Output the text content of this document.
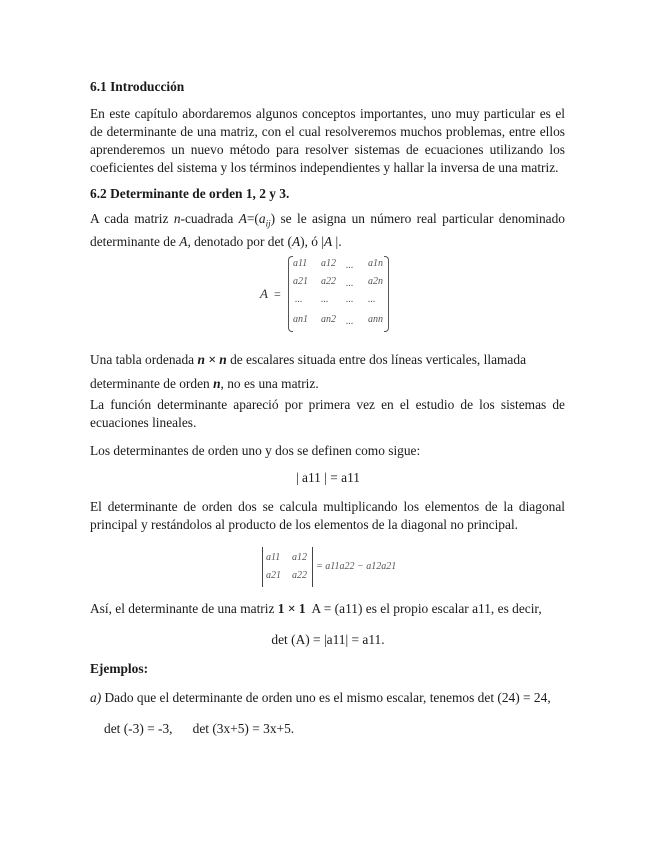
6.1 Introducción
En este capítulo abordaremos algunos conceptos importantes, uno muy particular es el de determinante de una matriz, con el cual resolveremos muchos problemas, entre ellos aprenderemos un nuevo método para resolver sistemas de ecuaciones utilizando los coeficientes del sistema y los términos independientes y hallar la inversa de una matriz.
6.2 Determinante de orden 1, 2 y 3.
A cada matriz n-cuadrada $A=(a_{ij})$ se le asigna un número real particular denominado determinante de A, denotado por det (A), ó |A |.
A =
a11 a12 ... a1n
a21 a22 ... a2n
... ... ... ...
an1 an2 ... ann
Una tabla ordenada n × n de escalares situada entre dos líneas verticales, llamada
determinante de orden n, no es una matriz.
La función determinante apareció por primera vez en el estudio de los sistemas de ecuaciones lineales.
Los determinantes de orden uno y dos se definen como sigue:
| a11 | = a11
El determinante de orden dos se calcula multiplicando los elementos de la diagonal principal y restándolos al producto de los elementos de la diagonal no principal.
a11 a12
a21 a22
= a11a22 − a12a21
Así, el determinante de una matriz 1 × 1 A = (a11) es el propio escalar a11, es decir,
det (A) = |a11| = a11.
Ejemplos:
a) Dado que el determinante de orden uno es el mismo escalar, tenemos det (24) = 24,
det (-3) = -3, det (3x+5) = 3x+5.
